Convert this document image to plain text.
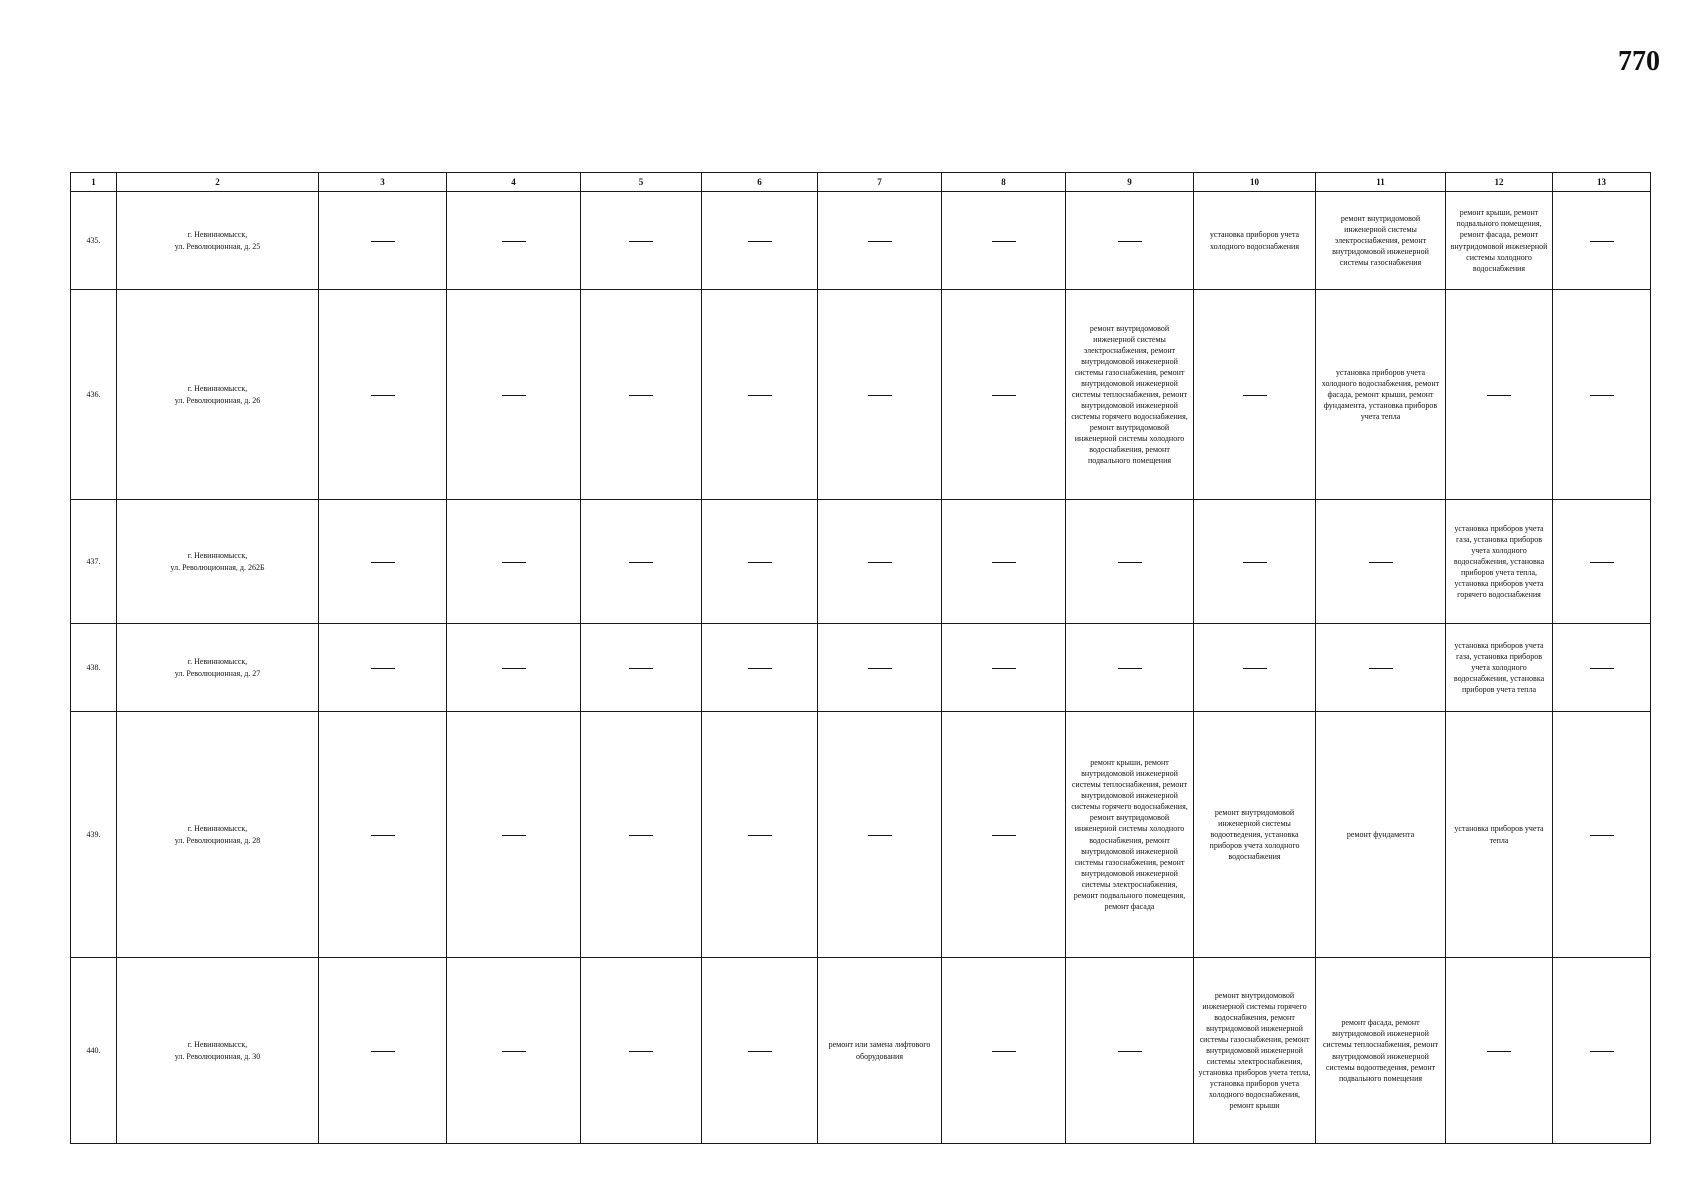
770
1	2	3	4	5	6	7	8	9	10	11	12	13
435.	г. Невинномысск,
ул. Революционная, д. 25								установка приборов учета холодного водоснабжения	ремонт внутридомовой инженерной системы электроснабжения, ремонт внутридомовой инженерной системы газоснабжения	ремонт крыши, ремонт подвального помещения, ремонт фасада, ремонт внутридомовой инженерной системы холодного водоснабжения	
436.	г. Невинномысск,
ул. Революционная, д. 26							ремонт внутридомовой инженерной системы электроснабжения, ремонт внутридомовой инженерной системы газоснабжения, ремонт внутридомовой инженерной системы теплоснабжения, ремонт внутридомовой инженерной системы горячего водоснабжения, ремонт внутридомовой инженерной системы холодного водоснабжения, ремонт подвального помещения		установка приборов учета холодного водоснабжения, ремонт фасада, ремонт крыши, ремонт фундамента, установка приборов учета тепла		
437.	г. Невинномысск,
ул. Революционная, д. 262Б										установка приборов учета газа, установка приборов учета холодного водоснабжения, установка приборов учета тепла, установка приборов учета горячего водоснабжения	
438.	г. Невинномысск,
ул. Революционная, д. 27										установка приборов учета газа, установка приборов учета холодного водоснабжения, установка приборов учета тепла	
439.	г. Невинномысск,
ул. Революционная, д. 28							ремонт крыши, ремонт внутридомовой инженерной системы теплоснабжения, ремонт внутридомовой инженерной системы горячего водоснабжения, ремонт внутридомовой инженерной системы холодного водоснабжения, ремонт внутридомовой инженерной системы газоснабжения, ремонт внутридомовой инженерной системы электроснабжения, ремонт подвального помещения, ремонт фасада	ремонт внутридомовой инженерной системы водоотведения, установка приборов учета холодного водоснабжения	ремонт фундамента	установка приборов учета тепла	
440.	г. Невинномысск,
ул. Революционная, д. 30					ремонт или замена лифтового оборудования			ремонт внутридомовой инженерной системы горячего водоснабжения, ремонт внутридомовой инженерной системы газоснабжения, ремонт внутридомовой инженерной системы электроснабжения, установка приборов учета тепла, установка приборов учета холодного водоснабжения, ремонт крыши	ремонт фасада, ремонт внутридомовой инженерной системы теплоснабжения, ремонт внутридомовой инженерной системы водоотведения, ремонт подвального помещения		
